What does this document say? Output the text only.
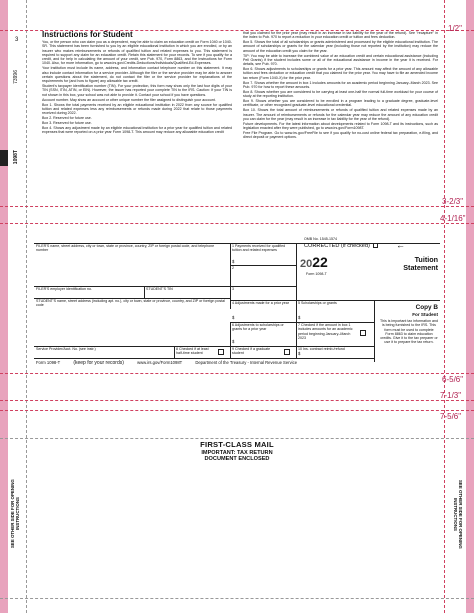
3
73996
1098T
1/2"
3-2/3"
4-1/16"
6-5/6"
7-1/3"
7-5/6"
Instructions for Student

You, or the person who can claim you as a dependent, may be able to claim an education credit on Form 1040 or 1040-SR. This statement has been furnished to you by an eligible educational institution in which you are enrolled, or by an insurer who makes reimbursements or refunds of qualified tuition and related expenses to you. This statement is required to support any claim for an education credit. Retain this statement for your records. To see if you qualify for a credit, and for help in calculating the amount of your credit, see Pub. 970, Form 8863, and the Instructions for Form 1040. Also, for more information, go to www.irs.gov/Credits-Deductions/Individuals/Qualified-Ed-Expenses.

Your institution must include its name, address, and information contact telephone number on this statement. It may also include contact information for a service provider. Although the filer or the service provider may be able to answer certain questions about the statement, do not contact the filer or the service provider for explanations of the requirements for (and how to figure) any allowable tax credit.

Student's taxpayer identification number (TIN). For your protection, this form may show only the last four digits of your TIN (SSN, ITIN, ATIN, or EIN). However, the issuer has reported your complete TIN to the IRS. Caution: If your TIN is not shown in this box, your school was not able to provide it. Contact your school if you have questions.

Account number. May show an account or other unique number the filer assigned to distinguish your account.

Box 1. Shows the total payments received by an eligible educational institution in 2022 from any source for qualified tuition and related expenses less any reimbursements or refunds made during 2022 that relate to those payments received during 2022.

Box 2. Reserved for future use.

Box 3. Reserved for future use.

Box 4. Shows any adjustment made by an eligible educational institution for a prior year for qualified tuition and related expenses that were reported on a prior year Form 1098-T. This amount may reduce any allowable education credit

that you claimed for the prior year (may result in an increase in tax liability for the year of the refund). See "recapture" in the index to Pub. 970 to report a reduction in your education credit or tuition and fees deduction.

Box 5. Shows the total of all scholarships or grants administered and processed by the eligible educational institution. The amount of scholarships or grants for the calendar year (including those not reported by the institution) may reduce the amount of the education credit you claim for the year.

TIP: You may be able to increase the combined value of an education credit and certain educational assistance (including Pell Grants) if the student includes some or all of the educational assistance in income in the year it is received. For details, see Pub. 970.

Box 6. Shows adjustments to scholarships or grants for a prior year. This amount may affect the amount of any allowable tuition and fees deduction or education credit that you claimed for the prior year. You may have to file an amended income tax return (Form 1040-X) for the prior year.

Box 7. Shows whether the amount in box 1 includes amounts for an academic period beginning January–March 2023. See Pub. 970 for how to report these amounts.

Box 8. Shows whether you are considered to be carrying at least one-half the normal full-time workload for your course of study at the reporting institution.

Box 9. Shows whether you are considered to be enrolled in a program leading to a graduate degree, graduate-level certificate, or other recognized graduate-level educational credential.

Box 10. Shows the total amount of reimbursements or refunds of qualified tuition and related expenses made by an insurer. The amount of reimbursements or refunds for the calendar year may reduce the amount of any education credit you can claim for the year (may result in an increase in tax liability for the year of the refund).

Future developments. For the latest information about developments related to Form 1098-T and its instructions, such as legislation enacted after they were published, go to www.irs.gov/Form1098T.

Free File Program. Go to www.irs.gov/FreeFile to see if you qualify for no-cost online federal tax preparation, e-filing, and direct deposit or payment options.

OMB No. 1545-1574
CORRECTED (if checked)	←
FILER'S name, street address, city or town, state or province, country, ZIP or foreign postal code, and telephone number
1 Payments received for qualified tuition and related expenses
$	2022
Form 1098-T
Tuition
Statement
2
FILER'S employer identification no.	STUDENT'S TIN	3
Copy B
For Student
This is important tax information and is being furnished to the IRS. This form must be used to complete Form 8863 to claim education credits. Give it to the tax preparer or use it to prepare the tax return.
STUDENT'S name, street address (including apt. no.), city or town, state or province, country, and ZIP or foreign postal code
4 Adjustments made for a prior year
$
5 Scholarships or grants
$
6 Adjustments to scholarships or grants for a prior year
$
7 Checked if the amount in box 1 includes amounts for an academic period beginning January–March 2023
Service Provider/Acct. No. (see instr.)	8 Checked if at least half-time student
9 Checked if a graduate student
10 Ins. contract reimb./refund
$
Form 1098-T	(keep for your records)	www.irs.gov/Form1098T	Department of the Treasury - Internal Revenue Service
FIRST-CLASS MAIL
IMPORTANT: TAX RETURN
DOCUMENT ENCLOSED
SEE OTHER SIDE FOR OPENING INSTRUCTIONS	SEE OTHER SIDE FOR OPENING INSTRUCTIONS
